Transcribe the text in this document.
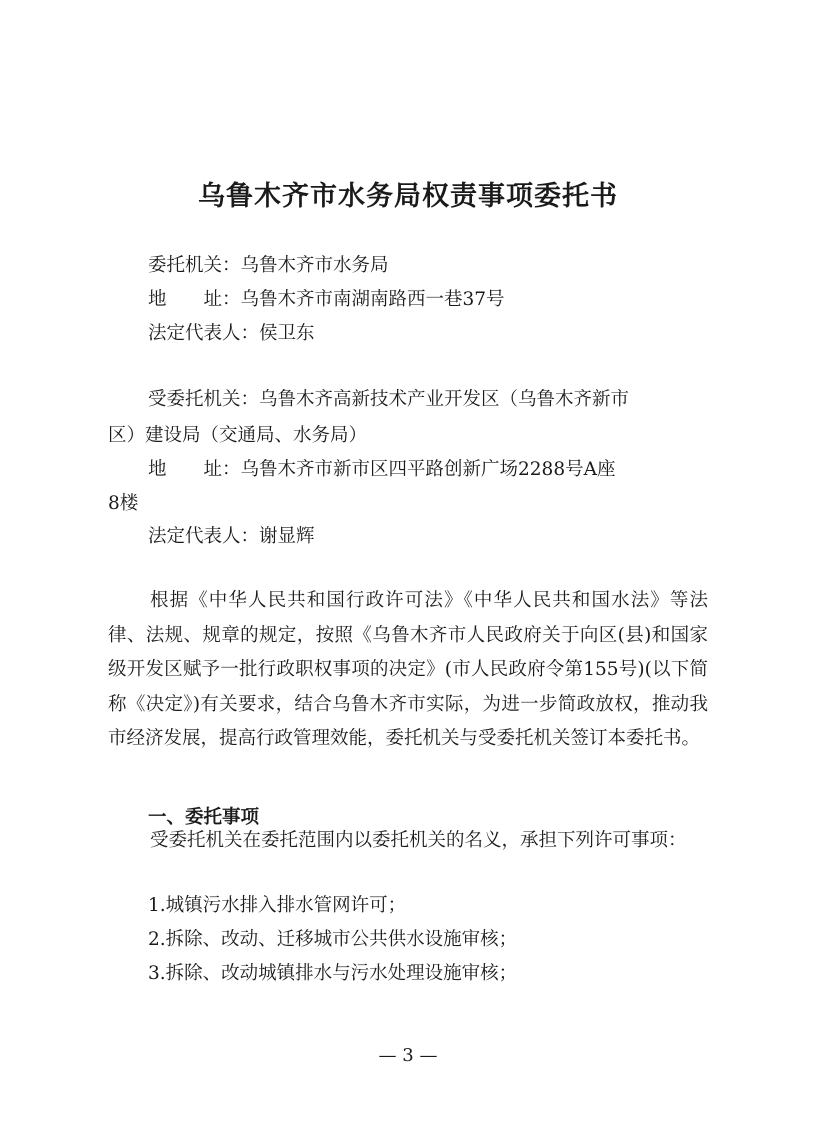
乌鲁木齐市水务局权责事项委托书
委托机关：乌鲁木齐市水务局
地　　址：乌鲁木齐市南湖南路西一巷37号
法定代表人：侯卫东
受委托机关：乌鲁木齐高新技术产业开发区（乌鲁木齐新市
区）建设局（交通局、水务局）
地　　址：乌鲁木齐市新市区四平路创新广场2288号A座
8楼
法定代表人：谢显辉
根据《中华人民共和国行政许可法》《中华人民共和国水法》等法律、法规、规章的规定，按照《乌鲁木齐市人民政府关于向区(县)和国家级开发区赋予一批行政职权事项的决定》(市人民政府令第155号)(以下简称《决定》)有关要求，结合乌鲁木齐市实际，为进一步简政放权，推动我市经济发展，提高行政管理效能，委托机关与受委托机关签订本委托书。
一、委托事项
受委托机关在委托范围内以委托机关的名义，承担下列许可事项：
1.城镇污水排入排水管网许可；
2.拆除、改动、迁移城市公共供水设施审核；
3.拆除、改动城镇排水与污水处理设施审核；
— 3 —
